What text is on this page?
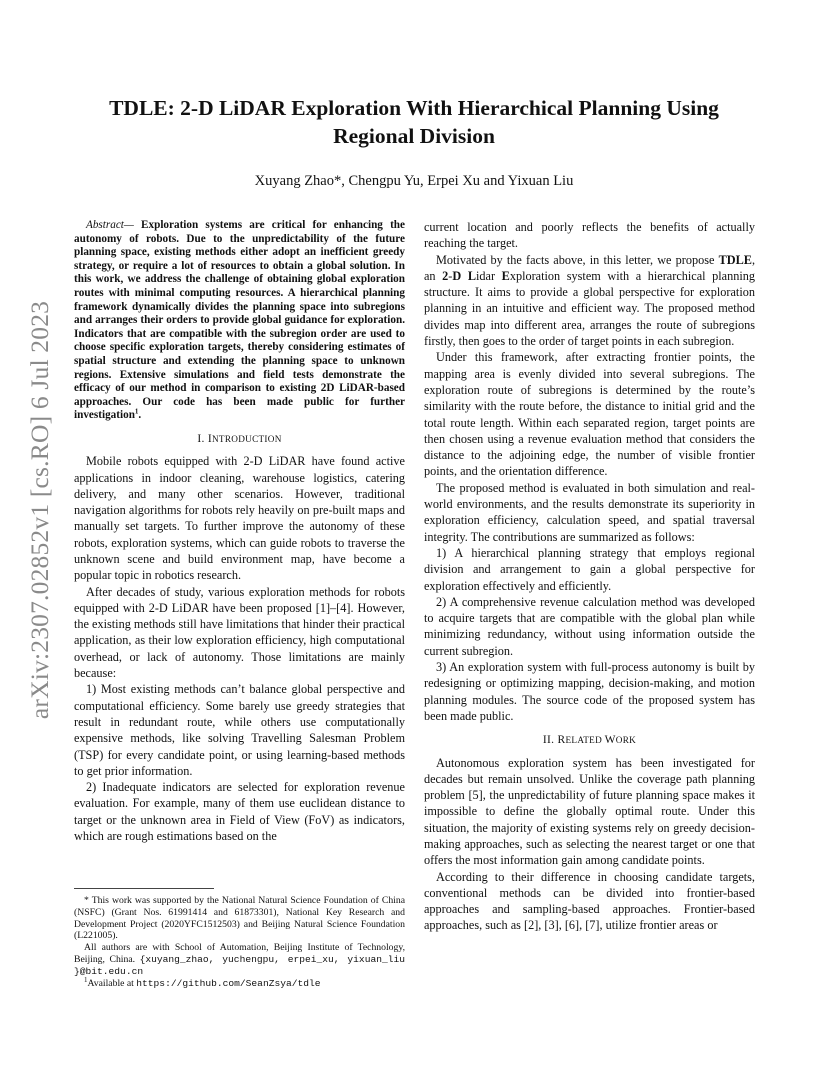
arXiv:2307.02852v1 [cs.RO] 6 Jul 2023
TDLE: 2-D LiDAR Exploration With Hierarchical Planning Using Regional Division
Xuyang Zhao*, Chengpu Yu, Erpei Xu and Yixuan Liu

Abstract— Exploration systems are critical for enhancing the autonomy of robots. Due to the unpredictability of the future planning space, existing methods either adopt an inefficient greedy strategy, or require a lot of resources to obtain a global solution. In this work, we address the challenge of obtaining global exploration routes with minimal computing resources. A hierarchical planning framework dynamically divides the planning space into subregions and arranges their orders to provide global guidance for exploration. Indicators that are compatible with the subregion order are used to choose specific exploration targets, thereby considering estimates of spatial structure and extending the planning space to unknown regions. Extensive simulations and field tests demonstrate the efficacy of our method in comparison to existing 2D LiDAR-based approaches. Our code has been made public for further investigation$^1$.

I. INTRODUCTION

Mobile robots equipped with 2-D LiDAR have found active applications in indoor cleaning, warehouse logistics, catering delivery, and many other scenarios. However, traditional navigation algorithms for robots rely heavily on pre-built maps and manually set targets. To further improve the autonomy of these robots, exploration systems, which can guide robots to traverse the unknown scene and build environment map, have become a popular topic in robotics research.

After decades of study, various exploration methods for robots equipped with 2-D LiDAR have been proposed [1]–[4]. However, the existing methods still have limitations that hinder their practical application, as their low exploration efficiency, high computational overhead, or lack of autonomy. Those limitations are mainly because:

1) Most existing methods can’t balance global perspective and computational efficiency. Some barely use greedy strategies that result in redundant route, while others use computationally expensive methods, like solving Travelling Salesman Problem (TSP) for every candidate point, or using learning-based methods to get prior information.

2) Inadequate indicators are selected for exploration revenue evaluation. For example, many of them use euclidean distance to target or the unknown area in Field of View (FoV) as indicators, which are rough estimations based on the

* This work was supported by the National Natural Science Foundation of China (NSFC) (Grant Nos. 61991414 and 61873301), National Key Research and Development Project (2020YFC1512503) and Beijing Natural Science Foundation (L221005).

All authors are with School of Automation, Beijing Institute of Technology, Beijing, China. {xuyang_zhao, yuchengpu, erpei_xu, yixuan_liu }@bit.edu.cn

$^1$Available at https://github.com/SeanZsya/tdle

current location and poorly reflects the benefits of actually reaching the target.

Motivated by the facts above, in this letter, we propose TDLE, an 2-D Lidar Exploration system with a hierarchical planning structure. It aims to provide a global perspective for exploration planning in an intuitive and efficient way. The proposed method divides map into different area, arranges the route of subregions firstly, then goes to the order of target points in each subregion.

Under this framework, after extracting frontier points, the mapping area is evenly divided into several subregions. The exploration route of subregions is determined by the route’s similarity with the route before, the distance to initial grid and the total route length. Within each separated region, target points are then chosen using a revenue evaluation method that considers the distance to the adjoining edge, the number of visible frontier points, and the orientation difference.

The proposed method is evaluated in both simulation and real-world environments, and the results demonstrate its superiority in exploration efficiency, calculation speed, and spatial traversal integrity. The contributions are summarized as follows:

1) A hierarchical planning strategy that employs regional division and arrangement to gain a global perspective for exploration effectively and efficiently.

2) A comprehensive revenue calculation method was developed to acquire targets that are compatible with the global plan while minimizing redundancy, without using information outside the current subregion.

3) An exploration system with full-process autonomy is built by redesigning or optimizing mapping, decision-making, and motion planning modules. The source code of the proposed system has been made public.

II. RELATED WORK

Autonomous exploration system has been investigated for decades but remain unsolved. Unlike the coverage path planning problem [5], the unpredictability of future planning space makes it impossible to define the globally optimal route. Under this situation, the majority of existing systems rely on greedy decision-making approaches, such as selecting the nearest target or one that offers the most information gain among candidate points.

According to their difference in choosing candidate targets, conventional methods can be divided into frontier-based approaches and sampling-based approaches. Frontier-based approaches, such as [2], [3], [6], [7], utilize frontier areas or
